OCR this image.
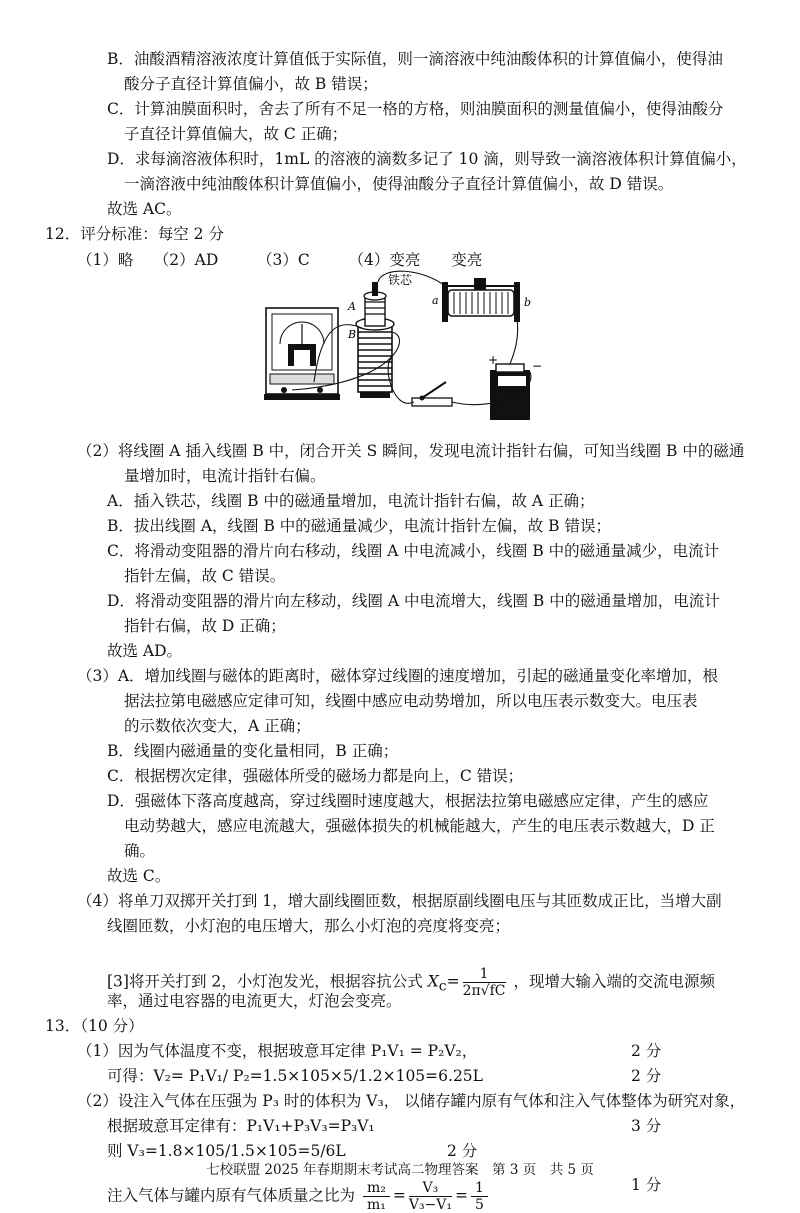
B．油酸酒精溶液浓度计算值低于实际值，则一滴溶液中纯油酸体积的计算值偏小，使得油
酸分子直径计算值偏小，故 B 错误；
C．计算油膜面积时，舍去了所有不足一格的方格，则油膜面积的测量值偏小，使得油酸分
子直径计算值偏大，故 C 正确；
D．求每滴溶液体积时，1mL 的溶液的滴数多记了 10 滴，则导致一滴溶液体积计算值偏小，
一滴溶液中纯油酸体积计算值偏小，使得油酸分子直径计算值偏小，故 D 错误。
故选 AC。
12．评分标准：每空 2 分
（1）略　 （2）AD　　　（3）C　　　（4）变亮　　变亮
（2）将线圈 A 插入线圈 B 中，闭合开关 S 瞬间，发现电流计指针右偏，可知当线圈 B 中的磁通
量增加时，电流计指针右偏。
A．插入铁芯，线圈 B 中的磁通量增加，电流计指针右偏，故 A 正确；
B．拔出线圈 A，线圈 B 中的磁通量减少，电流计指针左偏，故 B 错误；
C．将滑动变阻器的滑片向右移动，线圈 A 中电流减小，线圈 B 中的磁通量减少，电流计
指针左偏，故 C 错误。
D．将滑动变阻器的滑片向左移动，线圈 A 中电流增大，线圈 B 中的磁通量增加，电流计
指针右偏，故 D 正确；
故选 AD。
（3）A．增加线圈与磁体的距离时，磁体穿过线圈的速度增加，引起的磁通量变化率增加，根
据法拉第电磁感应定律可知，线圈中感应电动势增加，所以电压表示数变大。电压表
的示数依次变大，A 正确；
B．线圈内磁通量的变化量相同，B 正确；
C．根据楞次定律，强磁体所受的磁场力都是向上，C 错误；
D．强磁体下落高度越高，穿过线圈时速度越大，根据法拉第电磁感应定律，产生的感应
电动势越大，感应电流越大，强磁体损失的机械能越大，产生的电压表示数越大，D 正
确。
故选 C。
（4）将单刀双掷开关打到 1，增大副线圈匝数，根据原副线圈电压与其匝数成正比，当增大副
线圈匝数，小灯泡的电压增大，那么小灯泡的亮度将变亮；
率，通过电容器的电流更大，灯泡会变亮。
13．（10 分）
（1）因为气体温度不变，根据玻意耳定律 P₁V₁ = P₂V₂，
可得：V₂= P₁V₁/ P₂=1.5×105×5/1.2×105=6.25L
（2）设注入气体在压强为 P₃ 时的体积为 V₃， 以储存罐内原有气体和注入气体整体为研究对象，
根据玻意耳定律有：P₁V₁+P₃V₃=P₃V₁
则 V₃=1.8×105/1.5×105=5/6L
[3]将开关打到 2，小灯泡发光，根据容抗公式 $X_c= \frac{1}{2\pi√fC}$ ，现增大输入端的交流电源频
注入气体与罐内原有气体质量之比为 $\frac{\text{m₂}}{\text{m₁}} = \frac{\text{V₃}}{\text{V₃−V₁}} = \frac{1}{5}$
2 分
2 分
3 分
2 分
1 分
铁芯
A
B
a	b
+	−
七校联盟 2025 年春期期末考试高二物理答案　第 3 页　共 5 页
